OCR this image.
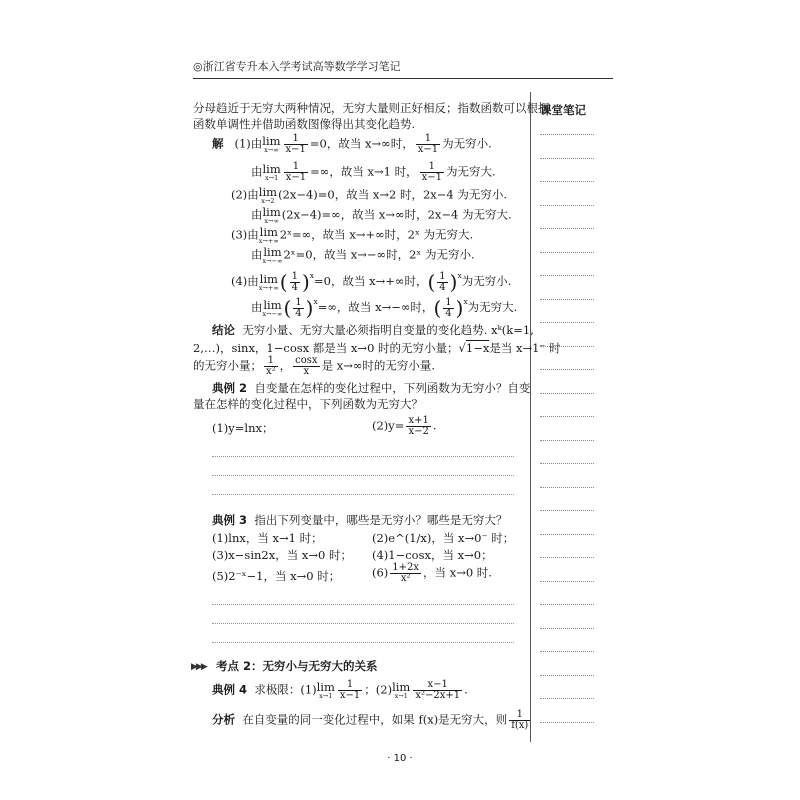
◎浙江省专升本入学考试高等数学学习笔记
课堂笔记
分母趋近于无穷大两种情况，无穷大量则正好相反；指数函数可以根据
函数单调性并借助函数图像得出其变化趋势.
解 (1)由 lim
$x\to\infty \frac{1}{x-1} =0$，故当 x→∞时， $\frac{1}{x-1}$ 为无穷小.
由 lim
$x\to 1 \frac{1}{x-1}$ =∞，故当 x→1 时， $\frac{1}{x-1}$ 为无穷大.
(2)由 lim
x→2 (2x−4)=0，故当 x→2 时，2x−4 为无穷小.
由 lim
x→∞ (2x−4)=∞，故当 x→∞时，2x−4 为无穷大.
(3)由 lim
x→+∞ 2ˣ=∞，故当 x→+∞时，2ˣ 为无穷大.
由 lim
x→−∞ 2ˣ=0，故当 x→−∞时，2ˣ 为无穷小.
(4)由 lim
x→+∞ ( $\frac{1}{4} )^x=0$，故当 x→+∞时，( $\frac{1}{4} )^x$为无穷小.
由 lim
x→−∞ ( $\frac{1}{4} )^x=\infty$，故当 x→−∞时，( $\frac{1}{4} )^x$为无穷大.
结论 无穷小量、无穷大量必须指明自变量的变化趋势. xᵏ(k=1,
2,…)，sinx，1−cosx 都是当 x→0 时的无穷小量；√1−x是当 x→1⁻ 时
的无穷小量； $\frac{1}{\text{x²}}$ ， $\frac{\cos x}{x}$ 是 x→∞时的无穷小量.
典例 2 自变量在怎样的变化过程中，下列函数为无穷小？自变
量在怎样的变化过程中，下列函数为无穷大？
(1)y=lnx；	$(2)y= \frac{x+1}{x-2}$ .
典例 3 指出下列变量中，哪些是无穷小？哪些是无穷大？
(1)lnx，当 x→1 时；	(2)e^(1/x)，当 x→0⁻ 时；
(3)x−sin2x，当 x→0 时； (4)1−cosx，当 x→0；
(5)2⁻ˣ−1，当 x→0 时；	$(6) \frac{1+2x}{\text{x²}}$ ，当 x→0 时.
▶▶▶ 考点 2：无穷小与无穷大的关系
典例 4 求极限：(1) lim
$x\to 1 \frac{1}{x-1}$ ；(2) lim
$x\to 1 \frac{x-1}{\text{x²−2x+1}}$ .
分析 在自变量的同一变化过程中，如果 f(x)是无穷大，则 $\frac{1}{f(x)}$
· 10 ·
